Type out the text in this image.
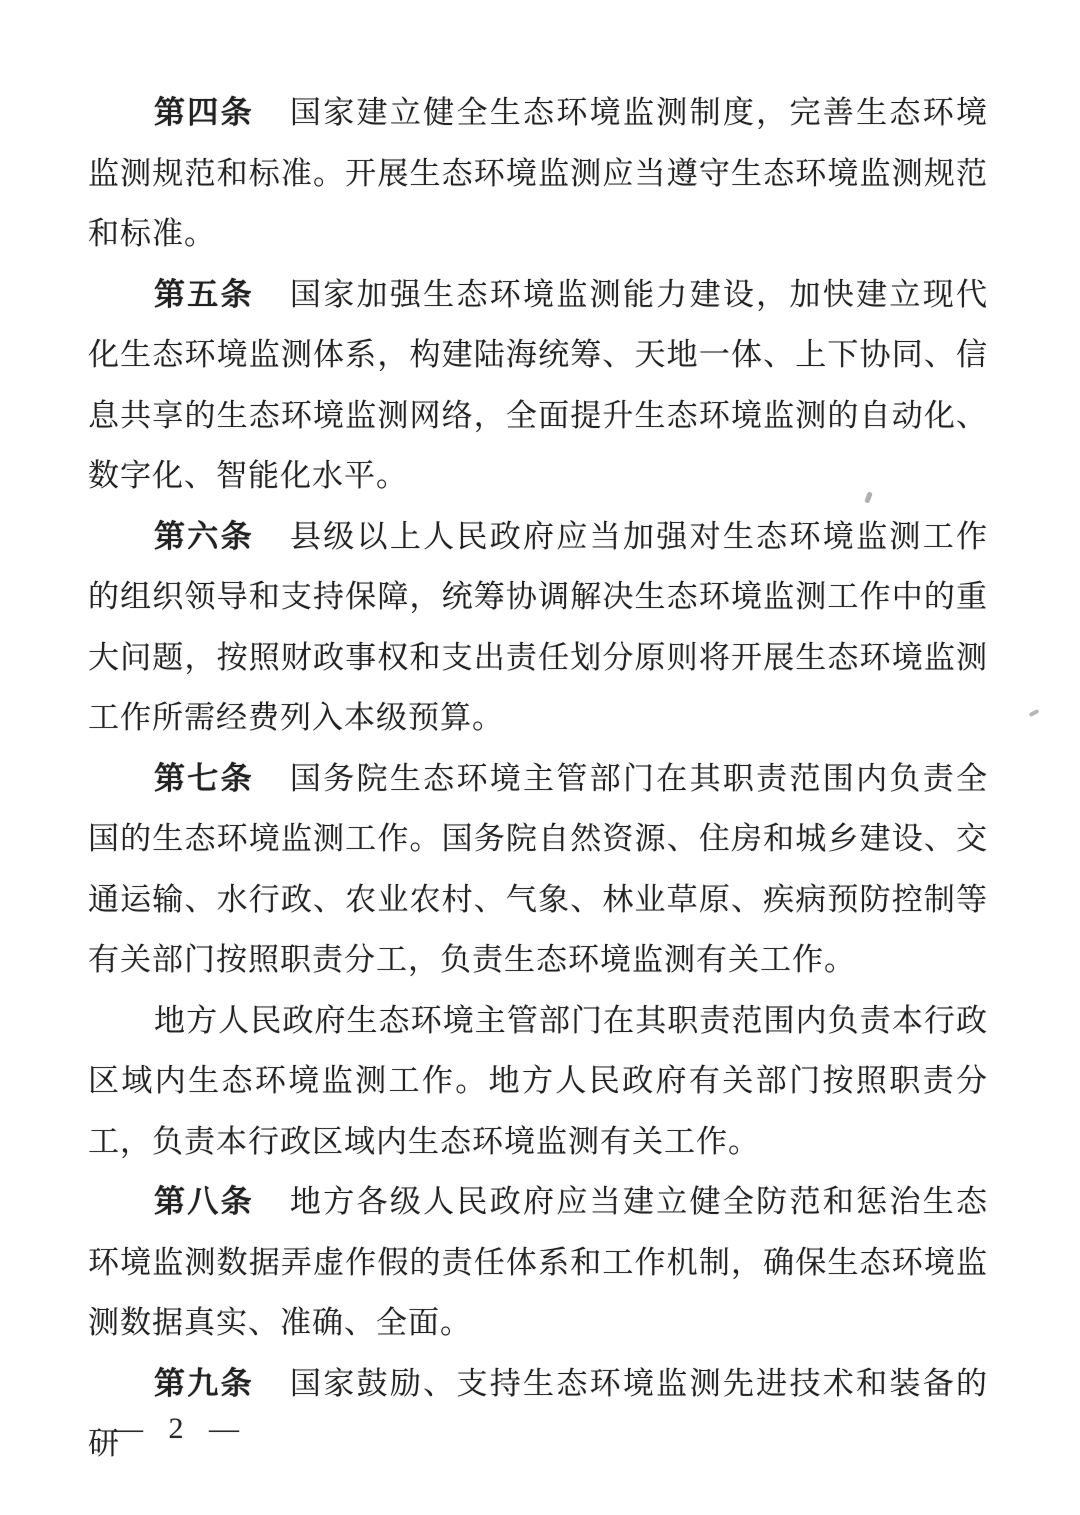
第四条 国家建立健全生态环境监测制度，完善生态环境监测规范和标准。开展生态环境监测应当遵守生态环境监测规范和标准。

第五条 国家加强生态环境监测能力建设，加快建立现代化生态环境监测体系，构建陆海统筹、天地一体、上下协同、信息共享的生态环境监测网络，全面提升生态环境监测的自动化、数字化、智能化水平。

第六条 县级以上人民政府应当加强对生态环境监测工作的组织领导和支持保障，统筹协调解决生态环境监测工作中的重大问题，按照财政事权和支出责任划分原则将开展生态环境监测工作所需经费列入本级预算。

第七条 国务院生态环境主管部门在其职责范围内负责全国的生态环境监测工作。国务院自然资源、住房和城乡建设、交通运输、水行政、农业农村、气象、林业草原、疾病预防控制等有关部门按照职责分工，负责生态环境监测有关工作。

地方人民政府生态环境主管部门在其职责范围内负责本行政区域内生态环境监测工作。地方人民政府有关部门按照职责分工，负责本行政区域内生态环境监测有关工作。

第八条 地方各级人民政府应当建立健全防范和惩治生态环境监测数据弄虚作假的责任体系和工作机制，确保生态环境监测数据真实、准确、全面。

第九条 国家鼓励、支持生态环境监测先进技术和装备的研

— 2 —
